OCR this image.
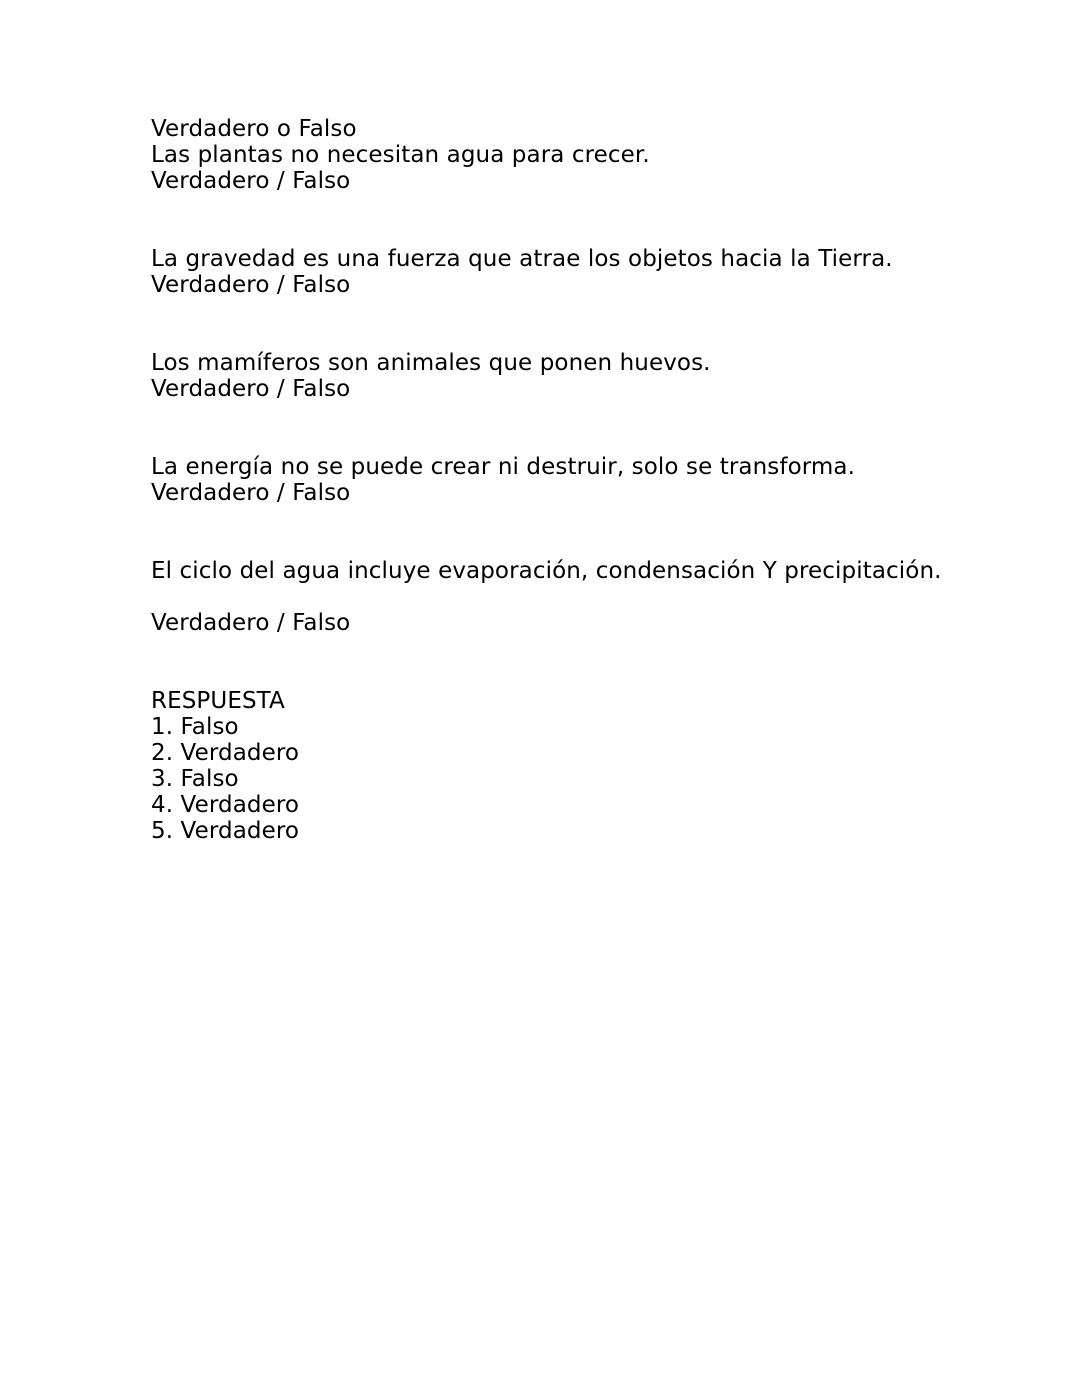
Verdadero o Falso
Las plantas no necesitan agua para crecer.
Verdadero / Falso
La gravedad es una fuerza que atrae los objetos hacia la Tierra.
Verdadero / Falso
Los mamíferos son animales que ponen huevos.
Verdadero / Falso
La energía no se puede crear ni destruir, solo se transforma.
Verdadero / Falso
El ciclo del agua incluye evaporación, condensación Y precipitación.
Verdadero / Falso
RESPUESTA
1. Falso
2. Verdadero
3. Falso
4. Verdadero
5. Verdadero
